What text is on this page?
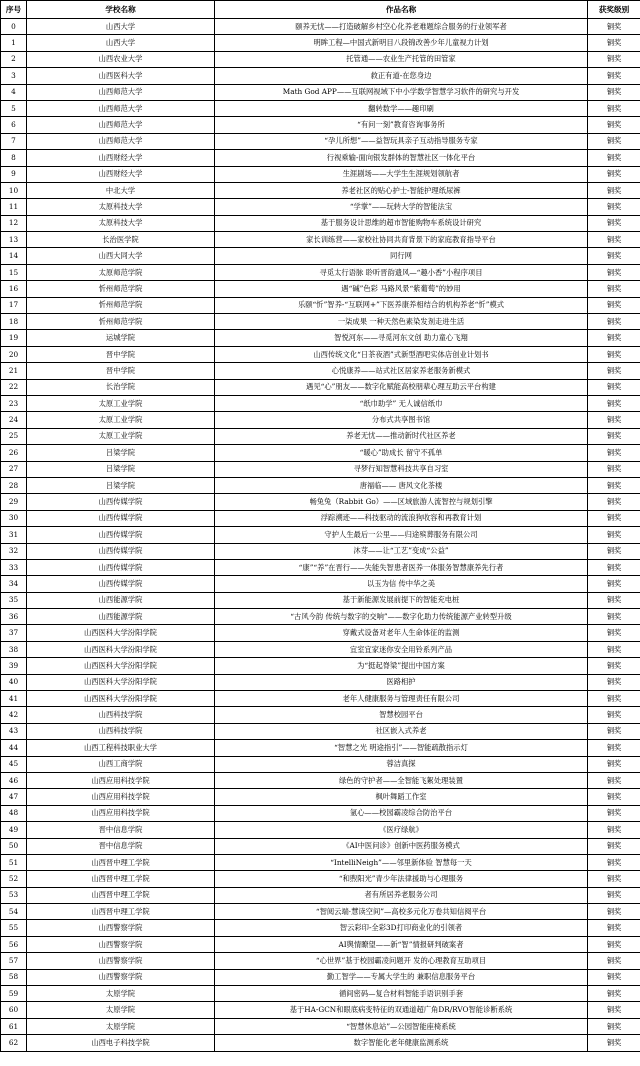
序号	学校名称	作品名称	获奖级别
0	山西大学	颐养无忧——打造破解乡村空心化养老难题综合服务的行业领军者	铜奖
1	山西大学	明眸工程—中国式新明目八段锦改善少年儿童视力计划	铜奖
2	山西农业大学	托管通——农业生产托管的田管家	铜奖
3	山西医科大学	救正有道-在您身边	铜奖
4	山西师范大学	Math God APP——互联网视域下中小学数学智慧学习软件的研究与开发	铜奖
5	山西师范大学	翻转数学——趣印刷	铜奖
6	山西师范大学	“有问一刻”教育咨询事务所	铜奖
7	山西师范大学	“孕儿所想”——益智玩具亲子互动指导服务专家	铜奖
8	山西财经大学	行视乘输-面向银发群体的智慧社区一体化平台	铜奖
9	山西财经大学	生涯剧场——大学生生涯规划领航者	铜奖
10	中北大学	养老社区的贴心护士-智能护理纸尿裤	铜奖
11	太原科技大学	“学掌”——玩转大学的智能法宝	铜奖
12	太原科技大学	基于服务设计思维的超市智能购物车系统设计研究	铜奖
13	长治医学院	家长训练营——家校社协同共育背景下的家庭教育指导平台	铜奖
14	山西大同大学	同行网	铜奖
15	太原师范学院	寻觅太行语脉 聆听晋韵遗风—“趣小香”小程序项目	铜奖
16	忻州师范学院	遇“碱”色彩 马路风景“紫葡萄”的妙用	铜奖
17	忻州师范学院	乐颐“忻”智养-“互联网+”下医养康养相结合的机构养老“忻”模式	铜奖
18	忻州师范学院	一柒成果 一种天然色素染发剂走进生活	铜奖
19	运城学院	智悦河东——寻觅河东文创 助力童心飞翔	铜奖
20	晋中学院	山西传统文化“日茶夜酒”式新型酒吧实体店创业计划书	铜奖
21	晋中学院	心悦康养——站式社区居家养老服务新模式	铜奖
22	长治学院	遇见“心”朋友——数字化赋能高校朋辈心理互助云平台构建	铜奖
23	太原工业学院	“纸巾助学” 无人诚信纸巾	铜奖
24	太原工业学院	分布式共享图书馆	铜奖
25	太原工业学院	养老无忧——推动新时代社区养老	铜奖
26	吕梁学院	“暖心”助成长 留守不孤单	铜奖
27	吕梁学院	寻梦行知智慧科技共享自习室	铜奖
28	吕梁学院	唐福临—— 唐风文化茶楼	铜奖
29	山西传媒学院	畅兔兔（Rabbit Go）——区域旅游人流智控与规划引擎	铜奖
30	山西传媒学院	浮踪溯迹——科技驱动的流浪狗收容和再教育计划	铜奖
31	山西传媒学院	守护人生最后一公里——归途殡葬服务有限公司	铜奖
32	山西传媒学院	沐芽——让“工艺”变成“公益”	铜奖
33	山西传媒学院	“康”“养”在晋行——失能失智患者医养一体服务智慧康养先行者	铜奖
34	山西传媒学院	以玉为信 传中华之美	铜奖
35	山西能源学院	基于新能源发展前提下的智能充电桩	铜奖
36	山西能源学院	“古风今韵 传统与数字的交响”——数字化助力传统能源产业转型升级	铜奖
37	山西医科大学汾阳学院	穿戴式设备对老年人生命体征的监测	铜奖
38	山西医科大学汾阳学院	宜室宜家迷你安全用铃系列产品	铜奖
39	山西医科大学汾阳学院	为“挺起脊梁”提出中国方案	铜奖
40	山西医科大学汾阳学院	医路相护	铜奖
41	山西医科大学汾阳学院	老年人健康服务与管理责任有限公司	铜奖
42	山西科技学院	智慧校园平台	铜奖
43	山西科技学院	社区嵌入式养老	铜奖
44	山西工程科技职业大学	“智慧之光 明途指引”——智能疏散指示灯	铜奖
45	山西工商学院	蓉洁真探	铜奖
46	山西应用科技学院	绿色的守护者——全智能飞絮处理装置	铜奖
47	山西应用科技学院	枫叶舞蹈工作室	铜奖
48	山西应用科技学院	氩心——校园霸凌综合防治平台	铜奖
49	晋中信息学院	《医疗绿航》	铜奖
50	晋中信息学院	《AI中医问诊》创新中医药服务模式	铜奖
51	山西晋中理工学院	“IntelliNeigh”——邻里新体验 智慧每一天	铜奖
52	山西晋中理工学院	“和煦阳光”青少年法律援助与心理服务	铜奖
53	山西晋中理工学院	者有所居养老服务公司	铜奖
54	山西晋中理工学院	“智阅云端·慧读空间”—高校多元化万卷共知信阅平台	铜奖
55	山西警察学院	智云彩印-全彩3D打印商业化的引领者	铜奖
56	山西警察学院	AI舆情瞭望——新“智”情报研判破案者	铜奖
57	山西警察学院	“心世界”基于校园霸凌问题开 发的心理教育互助项目	铜奖
58	山西警察学院	勤工智学——专属大学生的 兼职信息服务平台	铜奖
59	太原学院	循间密码—复合材料智能手语识别手套	铜奖
60	太原学院	基于HA-GCN和眼底病变特征的双通道超广角DR/RVO智能诊断系统	铜奖
61	太原学院	“智慧休息站”—公园智能座椅系统	铜奖
62	山西电子科技学院	数字智能化老年健康监测系统	铜奖
